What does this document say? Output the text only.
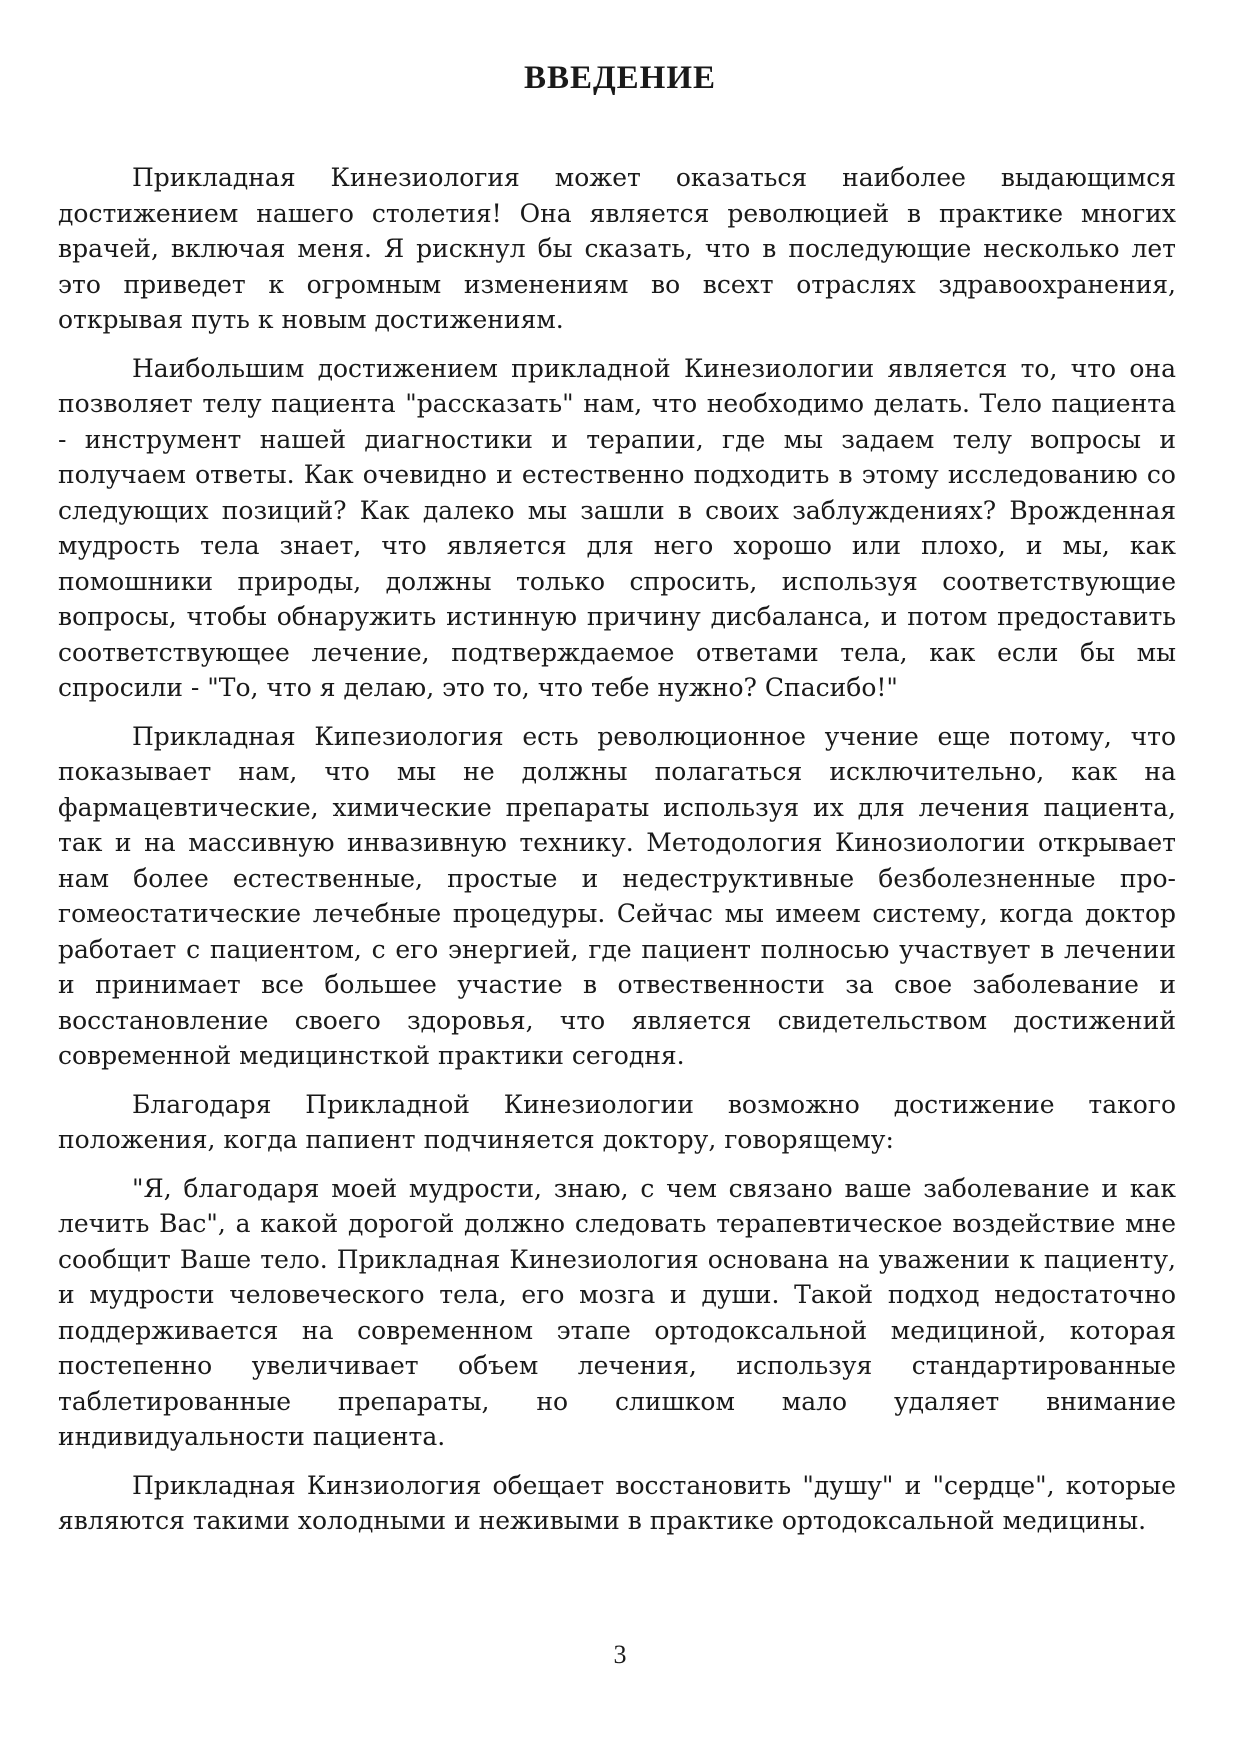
ВВЕДЕНИЕ

Прикладная Кинезиология может оказаться наиболее выдающимся достижением нашего столетия! Она является революцией в практике многих врачей, включая меня. Я рискнул бы сказать, что в последующие несколько лет это приведет к огромным изменениям во всехт отраслях здравоохранения, открывая путь к новым достижениям.

Наибольшим достижением прикладной Кинезиологии является то, что она позволяет телу пациента "рассказать" нам, что необходимо делать. Тело пациента - инструмент нашей диагностики и терапии, где мы задаем телу вопросы и получаем ответы. Как очевидно и естественно подходить в этому исследованию со следующих позиций? Как далеко мы зашли в своих заблуждениях? Врожденная мудрость тела знает, что является для него хорошо или плохо, и мы, как помошники природы, должны только спросить, используя соответствующие вопросы, чтобы обнаружить истинную причину дисбаланса, и потом предоставить соответствующее лечение, подтверждаемое ответами тела, как если бы мы спросили - "То, что я делаю, это то, что тебе нужно? Спасибо!"

Прикладная Кипезиология есть революционное учение еще потому, что показывает нам, что мы не должны полагаться исключительно, как на фармацевтические, химические препараты используя их для лечения пациента, так и на массивную инвазивную технику. Методология Кинозиологии открывает нам более естественные, простые и недеструктивные безболезненные про-гомеостатические лечебные процедуры. Сейчас мы имеем систему, когда доктор работает с пациентом, с его энергией, где пациент полносью участвует в лечении и принимает все большее участие в отвественности за свое заболевание и восстановление своего здоровья, что является свидетельством достижений современной медицинсткой практики сегодня.

Благодаря Прикладной Кинезиологии возможно достижение такого положения, когда папиент подчиняется доктору, говорящему:

"Я, благодаря моей мудрости, знаю, с чем связано ваше заболевание и как лечить Вас", а какой дорогой должно следовать терапевтическое воздействие мне сообщит Ваше тело. Прикладная Кинезиология основана на уважении к пациенту, и мудрости человеческого тела, его мозга и души. Такой подход недостаточно поддерживается на современном этапе ортодоксальной медициной, которая постепенно увеличивает объем лечения, используя стандартированные таблетированные препараты, но слишком мало удаляет внимание индивидуальности пациента.

Прикладная Кинзиология обещает восстановить "душу" и "сердце", которые являются такими холодными и неживыми в практике ортодоксальной медицины.

3
